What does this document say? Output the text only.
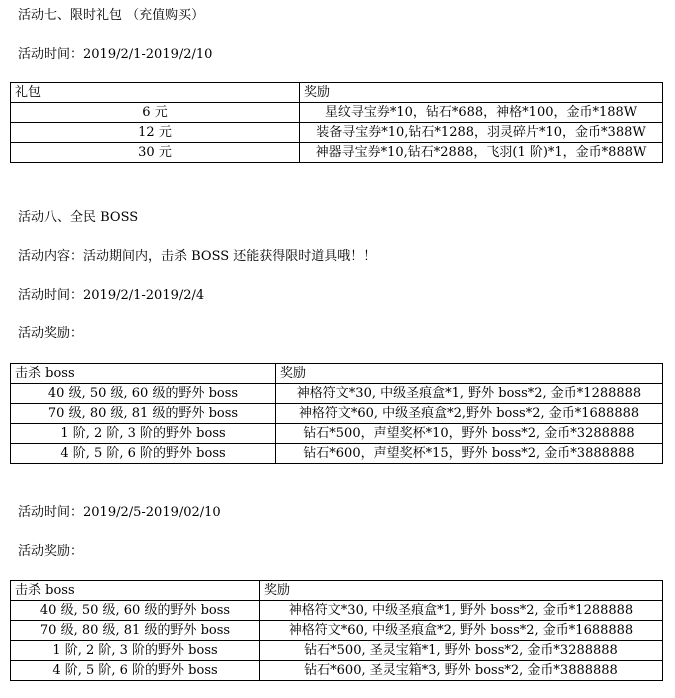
活动七、限时礼包 （充值购买）
活动时间：2019/2/1-2019/2/10
礼包	奖励
6 元	星纹寻宝券*10，钻石*688，神格*100，金币*188W
12 元	装备寻宝券*10,钻石*1288，羽灵碎片*10，金币*388W
30 元	神器寻宝券*10,钻石*2888，飞羽(1 阶)*1，金币*888W
活动八、全民 BOSS
活动内容：活动期间内，击杀 BOSS 还能获得限时道具哦！！
活动时间：2019/2/1-2019/2/4
活动奖励：
击杀 boss	奖励
40 级, 50 级, 60 级的野外 boss	神格符文*30, 中级圣痕盒*1, 野外 boss*2, 金币*1288888
70 级, 80 级, 81 级的野外 boss	神格符文*60, 中级圣痕盒*2,野外 boss*2, 金币*1688888
1 阶, 2 阶, 3 阶的野外 boss	钻石*500，声望奖杯*10，野外 boss*2, 金币*3288888
4 阶, 5 阶, 6 阶的野外 boss	钻石*600，声望奖杯*15，野外 boss*2, 金币*3888888
活动时间：2019/2/5-2019/02/10
活动奖励：
击杀 boss	奖励
40 级, 50 级, 60 级的野外 boss	神格符文*30, 中级圣痕盒*1, 野外 boss*2, 金币*1288888
70 级, 80 级, 81 级的野外 boss	神格符文*60, 中级圣痕盒*2, 野外 boss*2, 金币*1688888
1 阶, 2 阶, 3 阶的野外 boss	钻石*500, 圣灵宝箱*1, 野外 boss*2, 金币*3288888
4 阶, 5 阶, 6 阶的野外 boss	钻石*600, 圣灵宝箱*3, 野外 boss*2, 金币*3888888
